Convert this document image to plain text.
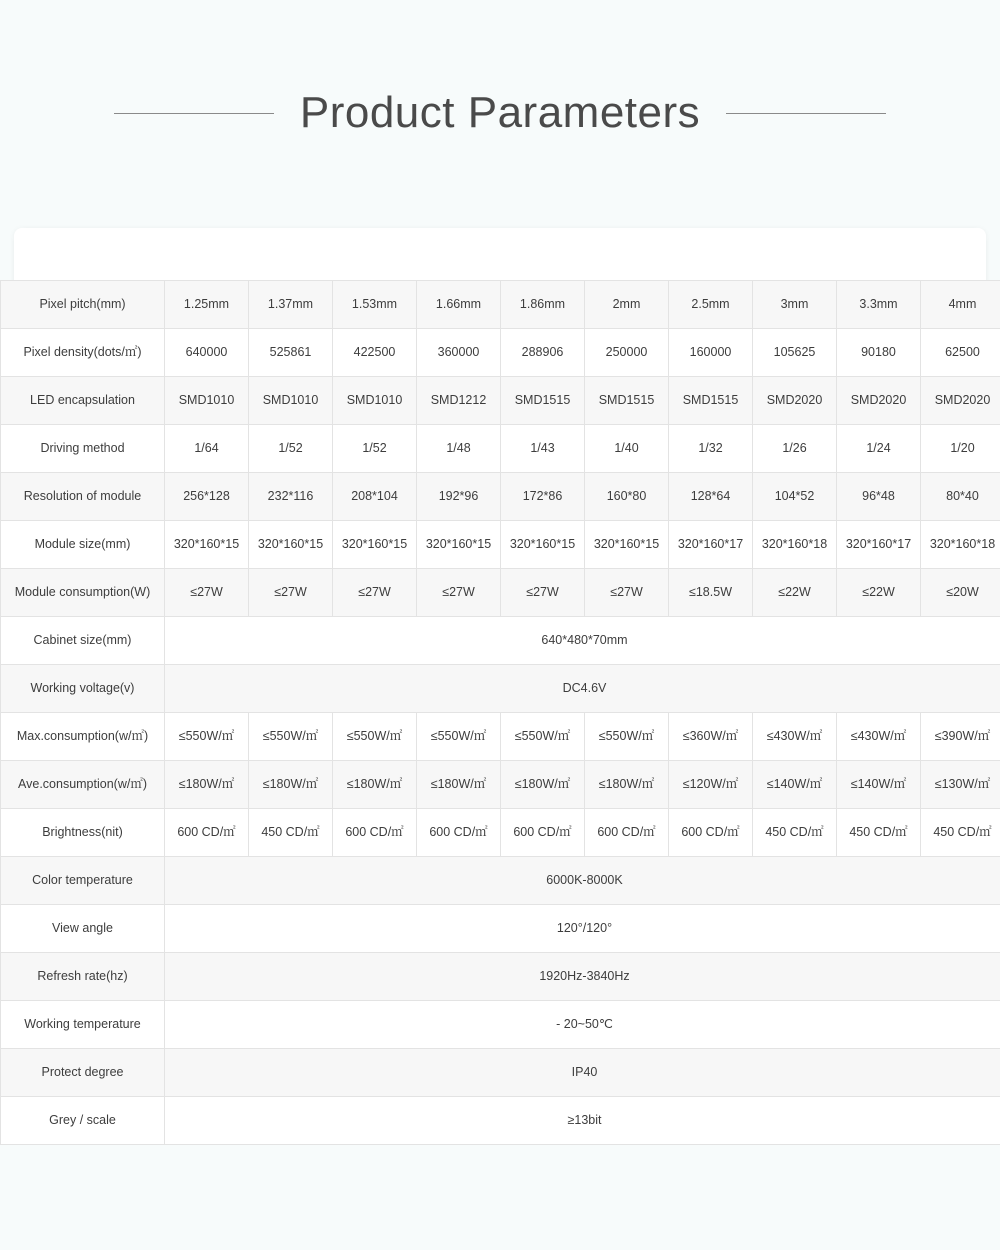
Product Parameters
Pixel pitch(mm)	1.25mm	1.37mm	1.53mm	1.66mm	1.86mm	2mm	2.5mm	3mm	3.3mm	4mm
Pixel density(dots/㎡)	640000	525861	422500	360000	288906	250000	160000	105625	90180	62500
LED encapsulation	SMD1010	SMD1010	SMD1010	SMD1212	SMD1515	SMD1515	SMD1515	SMD2020	SMD2020	SMD2020
Driving method	1/64	1/52	1/52	1/48	1/43	1/40	1/32	1/26	1/24	1/20
Resolution of module	256*128	232*116	208*104	192*96	172*86	160*80	128*64	104*52	96*48	80*40
Module size(mm)	320*160*15	320*160*15	320*160*15	320*160*15	320*160*15	320*160*15	320*160*17	320*160*18	320*160*17	320*160*18
Module consumption(W)	≤27W	≤27W	≤27W	≤27W	≤27W	≤27W	≤18.5W	≤22W	≤22W	≤20W
Cabinet size(mm)	640*480*70mm									
Working voltage(v)	DC4.6V									
Max.consumption(w/㎡)	≤550W/㎡	≤550W/㎡	≤550W/㎡	≤550W/㎡	≤550W/㎡	≤550W/㎡	≤360W/㎡	≤430W/㎡	≤430W/㎡	≤390W/㎡
Ave.consumption(w/㎡)	≤180W/㎡	≤180W/㎡	≤180W/㎡	≤180W/㎡	≤180W/㎡	≤180W/㎡	≤120W/㎡	≤140W/㎡	≤140W/㎡	≤130W/㎡
Brightness(nit)	600 CD/㎡	450 CD/㎡	600 CD/㎡	600 CD/㎡	600 CD/㎡	600 CD/㎡	600 CD/㎡	450 CD/㎡	450 CD/㎡	450 CD/㎡
Color temperature	6000K-8000K									
View angle	120°/120°									
Refresh rate(hz)	1920Hz-3840Hz									
Working temperature	- 20~50℃									
Protect degree	IP40									
Grey / scale	≥13bit									
